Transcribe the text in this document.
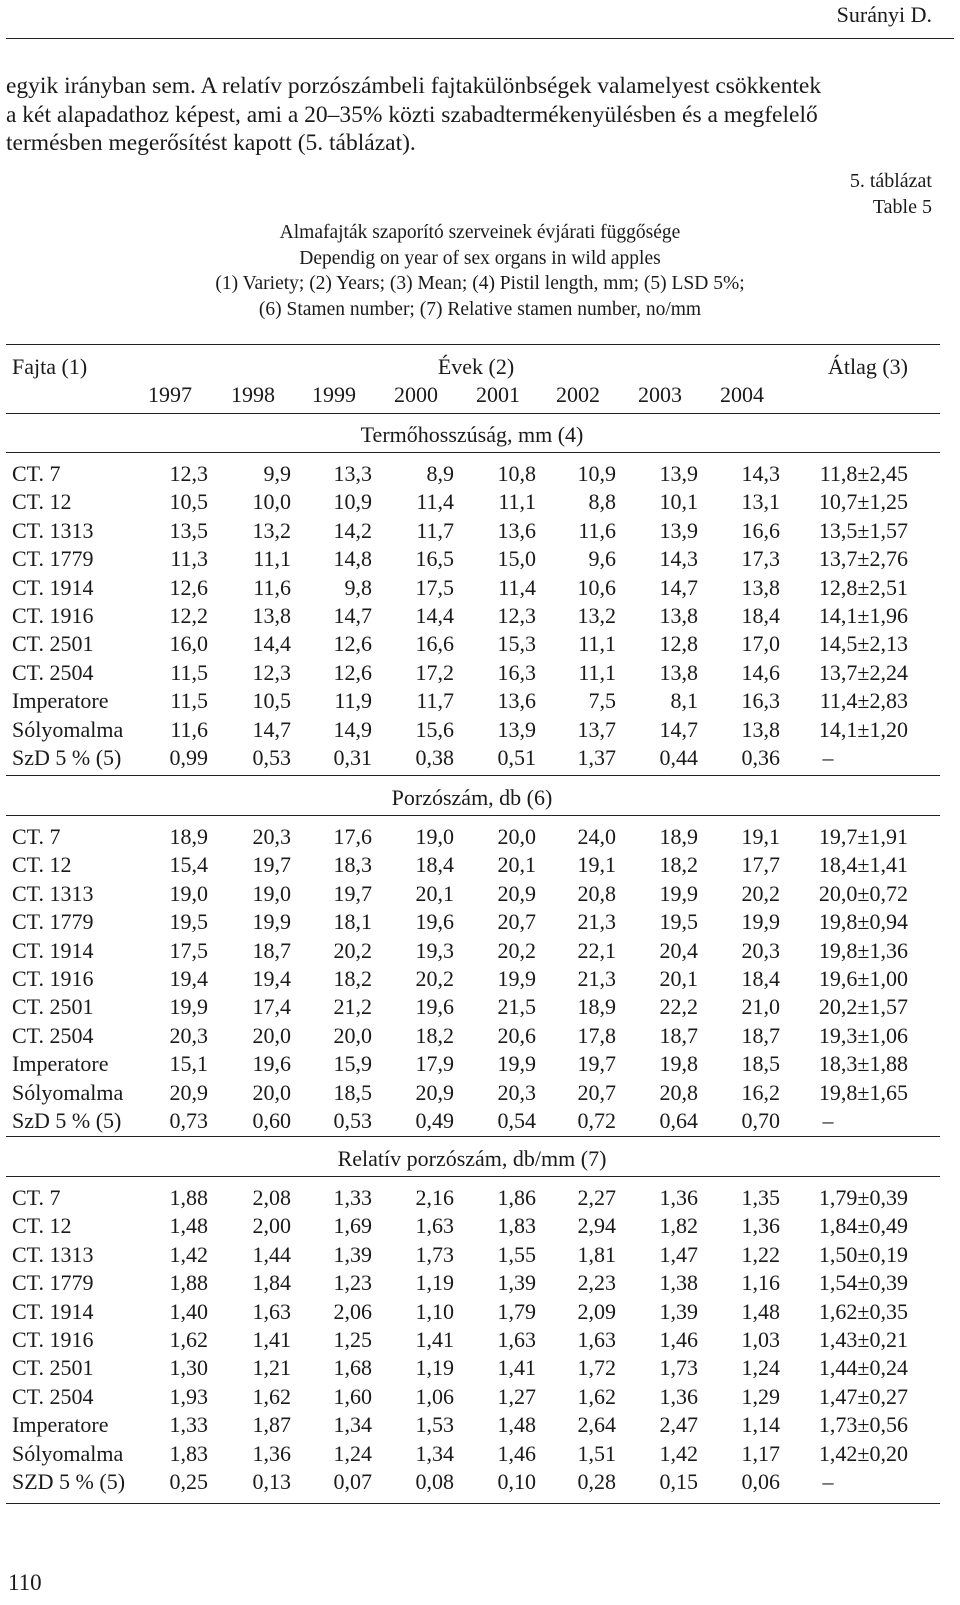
Surányi D.
egyik irányban sem. A relatív porzószámbeli fajtakülönbségek valamelyest csökkentek
a két alapadathoz képest, ami a 20–35% közti szabadtermékenyülésben és a megfelelő
termésben megerősítést kapott (5. táblázat).
5. táblázat
Table 5
Almafajták szaporító szerveinek évjárati függősége
Dependig on year of sex organs in wild apples
(1) Variety; (2) Years; (3) Mean; (4) Pistil length, mm; (5) LSD 5%;
(6) Stamen number; (7) Relative stamen number, no/mm
Fajta (1)	Évek (2)	Átlag (3)
1997 1998 1999 2000 2001 2002 2003 2004
Termőhosszúság, mm (4)
CT. 7	12,3	9,9 13,3 8,9 10,8 10,9 13,9 14,3 11,8±2,45
CT. 12	10,5 10,0 10,9 11,4 11,1 8,8 10,1 13,1 10,7±1,25
CT. 1313	13,5 13,2 14,2 11,7 13,6 11,6 13,9 16,6 13,5±1,57
CT. 1779	11,3 11,1 14,8 16,5 15,0 9,6 14,3 17,3 13,7±2,76
CT. 1914	12,6 11,6 9,8 17,5 11,4 10,6 14,7 13,8 12,8±2,51
CT. 1916	12,2 13,8 14,7 14,4 12,3 13,2 13,8 18,4 14,1±1,96
CT. 2501	16,0 14,4 12,6 16,6 15,3 11,1 12,8 17,0 14,5±2,13
CT. 2504	11,5 12,3 12,6 17,2 16,3 11,1 13,8 14,6 13,7±2,24
Imperatore	11,5 10,5 11,9 11,7 13,6 7,5 8,1 16,3 11,4±2,83
Sólyomalma 11,6 14,7 14,9 15,6 13,9 13,7 14,7 13,8 14,1±1,20
SzD 5 % (5) 0,99 0,53 0,31 0,38 0,51 1,37 0,44 0,36 –
Porzószám, db (6)
CT. 7	18,9 20,3 17,6 19,0 20,0 24,0 18,9 19,1 19,7±1,91
CT. 12	15,4 19,7 18,3 18,4 20,1 19,1 18,2 17,7 18,4±1,41
CT. 1313	19,0 19,0 19,7 20,1 20,9 20,8 19,9 20,2 20,0±0,72
CT. 1779	19,5 19,9 18,1 19,6 20,7 21,3 19,5 19,9 19,8±0,94
CT. 1914	17,5 18,7 20,2 19,3 20,2 22,1 20,4 20,3 19,8±1,36
CT. 1916	19,4 19,4 18,2 20,2 19,9 21,3 20,1 18,4 19,6±1,00
CT. 2501	19,9 17,4 21,2 19,6 21,5 18,9 22,2 21,0 20,2±1,57
CT. 2504	20,3 20,0 20,0 18,2 20,6 17,8 18,7 18,7 19,3±1,06
Imperatore	15,1 19,6 15,9 17,9 19,9 19,7 19,8 18,5 18,3±1,88
Sólyomalma 20,9 20,0 18,5 20,9 20,3 20,7 20,8 16,2 19,8±1,65
SzD 5 % (5) 0,73 0,60 0,53 0,49 0,54 0,72 0,64 0,70 –
Relatív porzószám, db/mm (7)
CT. 7	1,88 2,08 1,33 2,16 1,86 2,27 1,36 1,35 1,79±0,39
CT. 12	1,48 2,00 1,69 1,63 1,83 2,94 1,82 1,36 1,84±0,49
CT. 1313	1,42 1,44 1,39 1,73 1,55 1,81 1,47 1,22 1,50±0,19
CT. 1779	1,88 1,84 1,23 1,19 1,39 2,23 1,38 1,16 1,54±0,39
CT. 1914	1,40 1,63 2,06 1,10 1,79 2,09 1,39 1,48 1,62±0,35
CT. 1916	1,62 1,41 1,25 1,41 1,63 1,63 1,46 1,03 1,43±0,21
CT. 2501	1,30 1,21 1,68 1,19 1,41 1,72 1,73 1,24 1,44±0,24
CT. 2504	1,93 1,62 1,60 1,06 1,27 1,62 1,36 1,29 1,47±0,27
Imperatore	1,33 1,87 1,34 1,53 1,48 2,64 2,47 1,14 1,73±0,56
Sólyomalma 1,83 1,36 1,24 1,34 1,46 1,51 1,42 1,17 1,42±0,20
SZD 5 % (5) 0,25 0,13 0,07 0,08 0,10 0,28 0,15 0,06 –
110
